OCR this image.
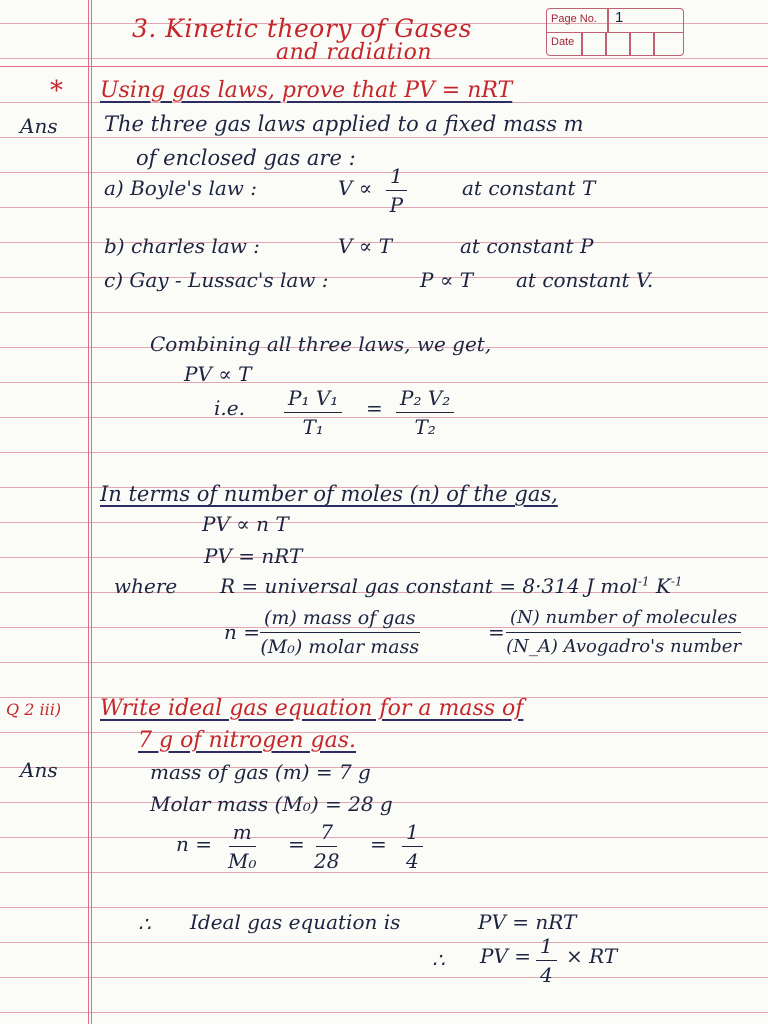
3. Kinetic theory of Gases
and radiation
Page No. 1
Date
* Using gas laws, prove that PV = nRT
Ans The three gas laws applied to a fixed mass m
of enclosed gas are :
a) Boyle's law :	$V \propto \frac{1}{P}$	at constant T
b) charles law :	V ∝ T	at constant P
c) Gay - Lussac's law :	P ∝ T at constant V.
Combining all three laws, we get,
PV ∝ T
i.e. $\frac{\text{P₁ V₁}}{\text{T₁}} = \frac{\text{P₂ V₂}}{\text{T₂}}$
In terms of number of moles (n) of the gas,
PV ∝ n T
PV = nRT
where R = universal gas constant = 8·314 J mol$^{-1}$ $K^{-1}$
n =
(m) mass of gas
(M₀) molar mass
=
(N) number of molecules
(N_A) Avogadro's number
Q 2 iii) Write ideal gas equation for a mass of
7 g of nitrogen gas.
Ans	mass of gas (m) = 7 g
Molar mass (M₀) = 28 g
$n = \frac{m}{\text{M₀}} = \frac{7}{28} = \frac{1}{4}$
∴ Ideal gas equation is	PV = nRT
∴ PV = $\frac{1}{4}$ × RT
